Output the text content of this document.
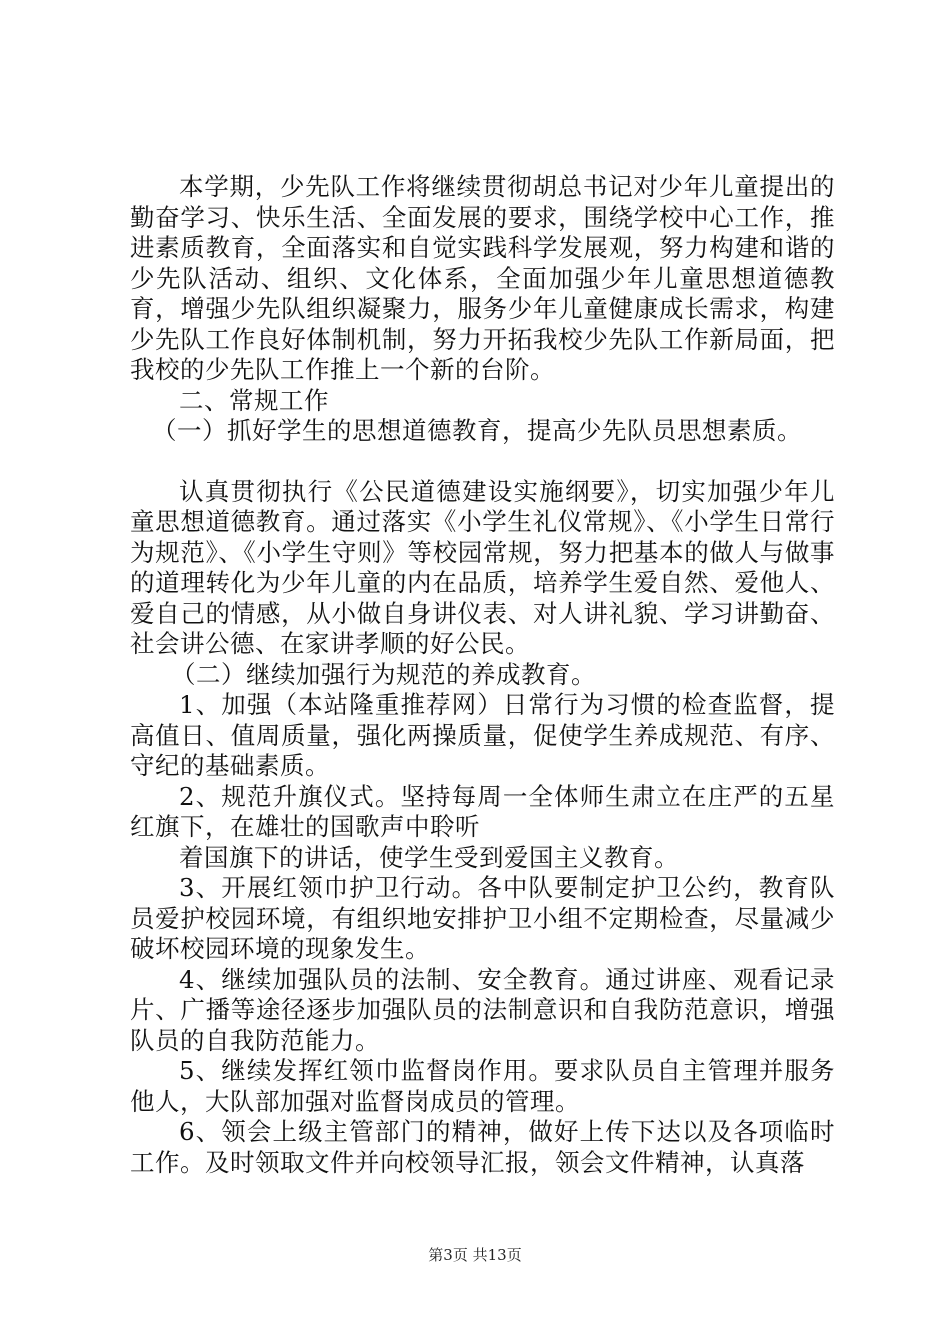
本学期，少先队工作将继续贯彻胡总书记对少年儿童提出的勤奋学习、快乐生活、全面发展的要求，围绕学校中心工作，推进素质教育，全面落实和自觉实践科学发展观，努力构建和谐的少先队活动、组织、文化体系，全面加强少年儿童思想道德教育，增强少先队组织凝聚力，服务少年儿童健康成长需求，构建少先队工作良好体制机制，努力开拓我校少先队工作新局面，把我校的少先队工作推上一个新的台阶。

二、常规工作

（一）抓好学生的思想道德教育，提高少先队员思想素质。

认真贯彻执行《公民道德建设实施纲要》，切实加强少年儿童思想道德教育。通过落实《小学生礼仪常规》、《小学生日常行为规范》、《小学生守则》等校园常规，努力把基本的做人与做事的道理转化为少年儿童的内在品质，培养学生爱自然、爱他人、爱自己的情感，从小做自身讲仪表、对人讲礼貌、学习讲勤奋、社会讲公德、在家讲孝顺的好公民。

（二）继续加强行为规范的养成教育。

1、加强（本站隆重推荐网）日常行为习惯的检查监督，提高值日、值周质量，强化两操质量，促使学生养成规范、有序、守纪的基础素质。

2、规范升旗仪式。坚持每周一全体师生肃立在庄严的五星红旗下，在雄壮的国歌声中聆听

着国旗下的讲话，使学生受到爱国主义教育。

3、开展红领巾护卫行动。各中队要制定护卫公约，教育队员爱护校园环境，有组织地安排护卫小组不定期检查，尽量减少破坏校园环境的现象发生。

4、继续加强队员的法制、安全教育。通过讲座、观看记录片、广播等途径逐步加强队员的法制意识和自我防范意识，增强队员的自我防范能力。

5、继续发挥红领巾监督岗作用。要求队员自主管理并服务他人，大队部加强对监督岗成员的管理。

6、领会上级主管部门的精神，做好上传下达以及各项临时工作。及时领取文件并向校领导汇报，领会文件精神，认真落

第3页 共13页
